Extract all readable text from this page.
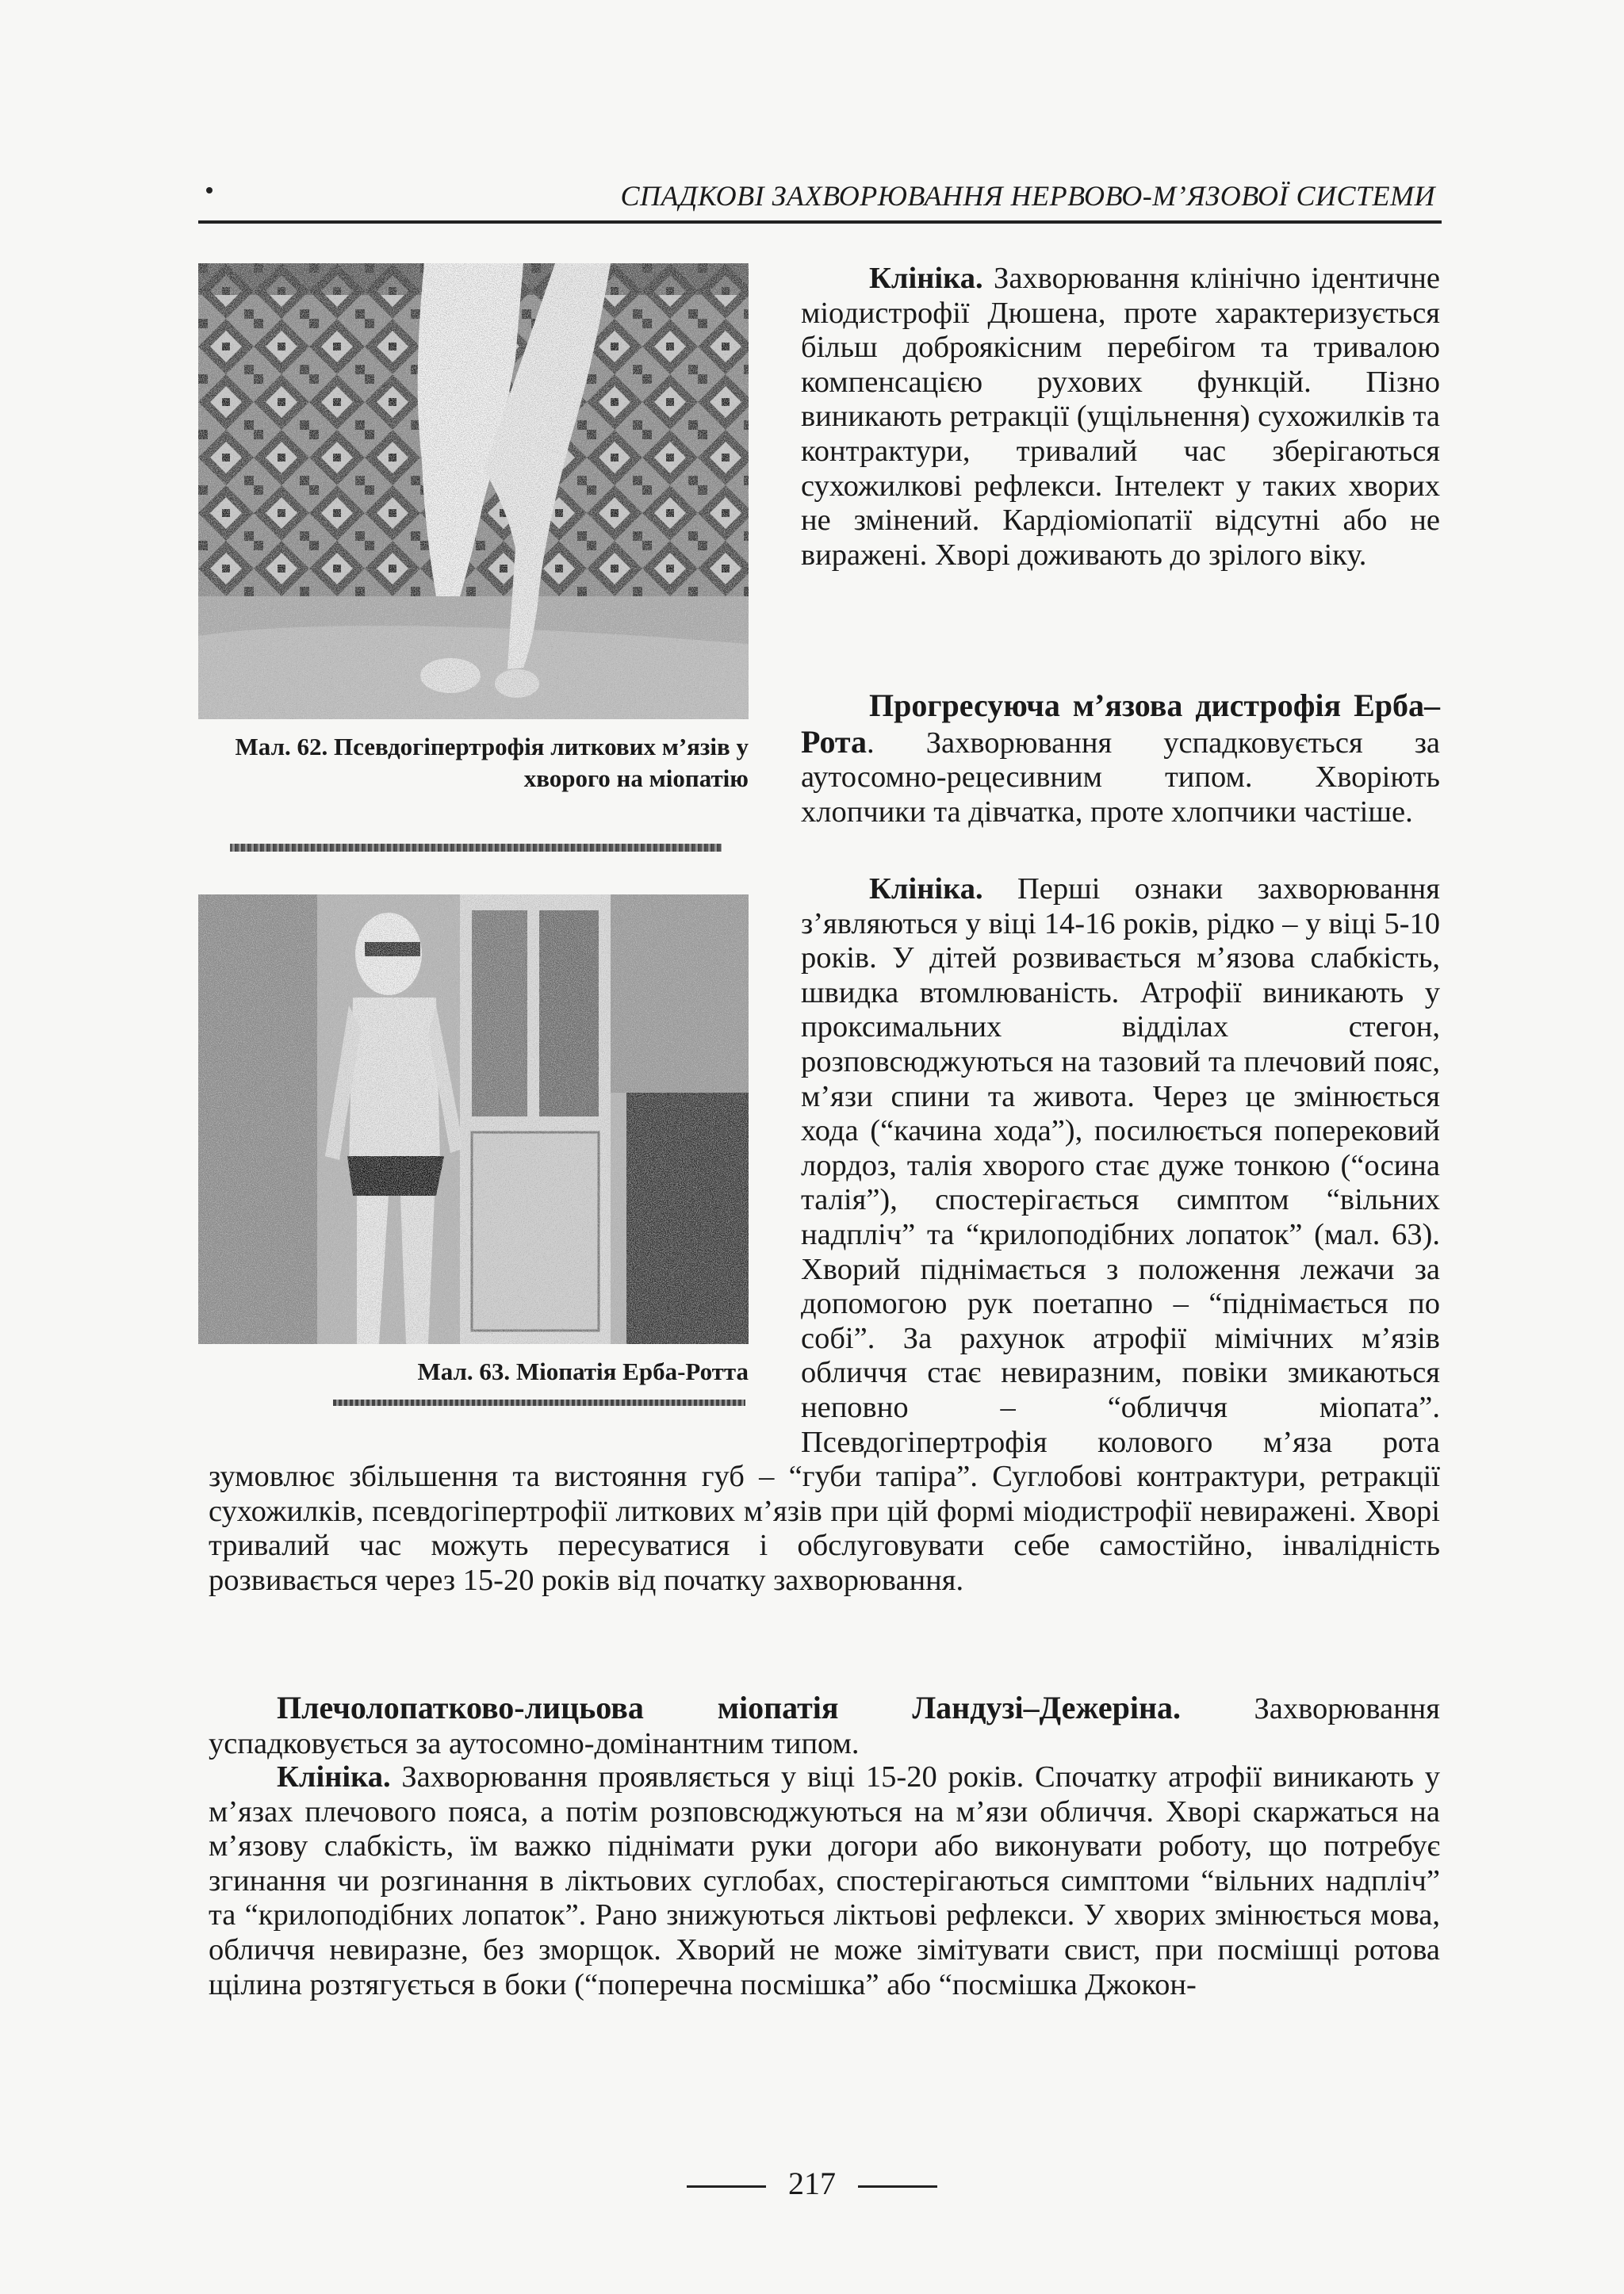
СПАДКОВІ ЗАХВОРЮВАННЯ НЕРВОВО-М’ЯЗОВОЇ СИСТЕМИ
Мал. 62. Псевдогіпертрофія литкових м’язів у хворого на міопатію
Мал. 63. Міопатія Ерба-Ротта

Клініка. Захворювання клінічно ідентичне міодистрофії Дюшена, проте характеризується більш доброякісним перебігом та тривалою компенсацією рухових функцій. Пізно виникають ретракції (ущільнення) сухожилків та контрактури, тривалий час зберігаються сухожилкові рефлекси. Інтелект у таких хворих не змінений. Кардіоміопатії відсутні або не виражені. Хворі доживають до зрілого віку.

Прогресуюча м’язова дистрофія Ерба–Рота. Захворювання успадковується за аутосомно-рецесивним типом. Хворіють хлопчики та дівчатка, проте хлопчики частіше.

Клініка. Перші ознаки захворювання з’являються у віці 14-16 років, рідко – у віці 5-10 років. У дітей розвивається м’язова слабкість, швидка втомлюваність. Атрофії виникають у проксимальних відділах стегон, розповсюджуються на тазовий та плечовий пояс, м’язи спини та живота. Через це змінюється хода (“качина хода”), посилюється поперековий лордоз, талія хворого стає дуже тонкою (“осина талія”), спостерігається симптом “вільних надпліч” та “крилоподібних лопаток” (мал. 63). Хворий піднімається з положення лежачи за допомогою рук поетапно – “піднімається по собі”. За рахунок атрофії мімічних м’язів обличчя стає невиразним, повіки змикаються неповно – “обличчя міопата”. Псевдогіпертрофія колового м’яза рота зумовлює збільшення та вистояння губ – “губи тапіра”. Суглобові контрактури, ретракції сухожилків, псевдогіпертрофії литкових м’язів при цій формі міодистрофії невиражені. Хворі тривалий час можуть пересуватися і обслуговувати себе самостійно, інвалідність розвивається через 15-20 років від початку захворювання.

Плечолопатково-лицьова міопатія Ландузі–Дежеріна. Захворювання успадковується за аутосомно-домінантним типом.

Клініка. Захворювання проявляється у віці 15-20 років. Спочатку атрофії виникають у м’язах плечового пояса, а потім розповсюджуються на м’язи обличчя. Хворі скаржаться на м’язову слабкість, їм важко піднімати руки догори або виконувати роботу, що потребує згинання чи розгинання в ліктьових суглобах, спостерігаються симптоми “вільних надпліч” та “крилоподібних лопаток”. Рано знижуються ліктьові рефлекси. У хворих змінюється мова, обличчя невиразне, без зморщок. Хворий не може зімітувати свист, при посмішці ротова щілина розтягується в боки (“поперечна посмішка” або “посмішка Джокон-

217
